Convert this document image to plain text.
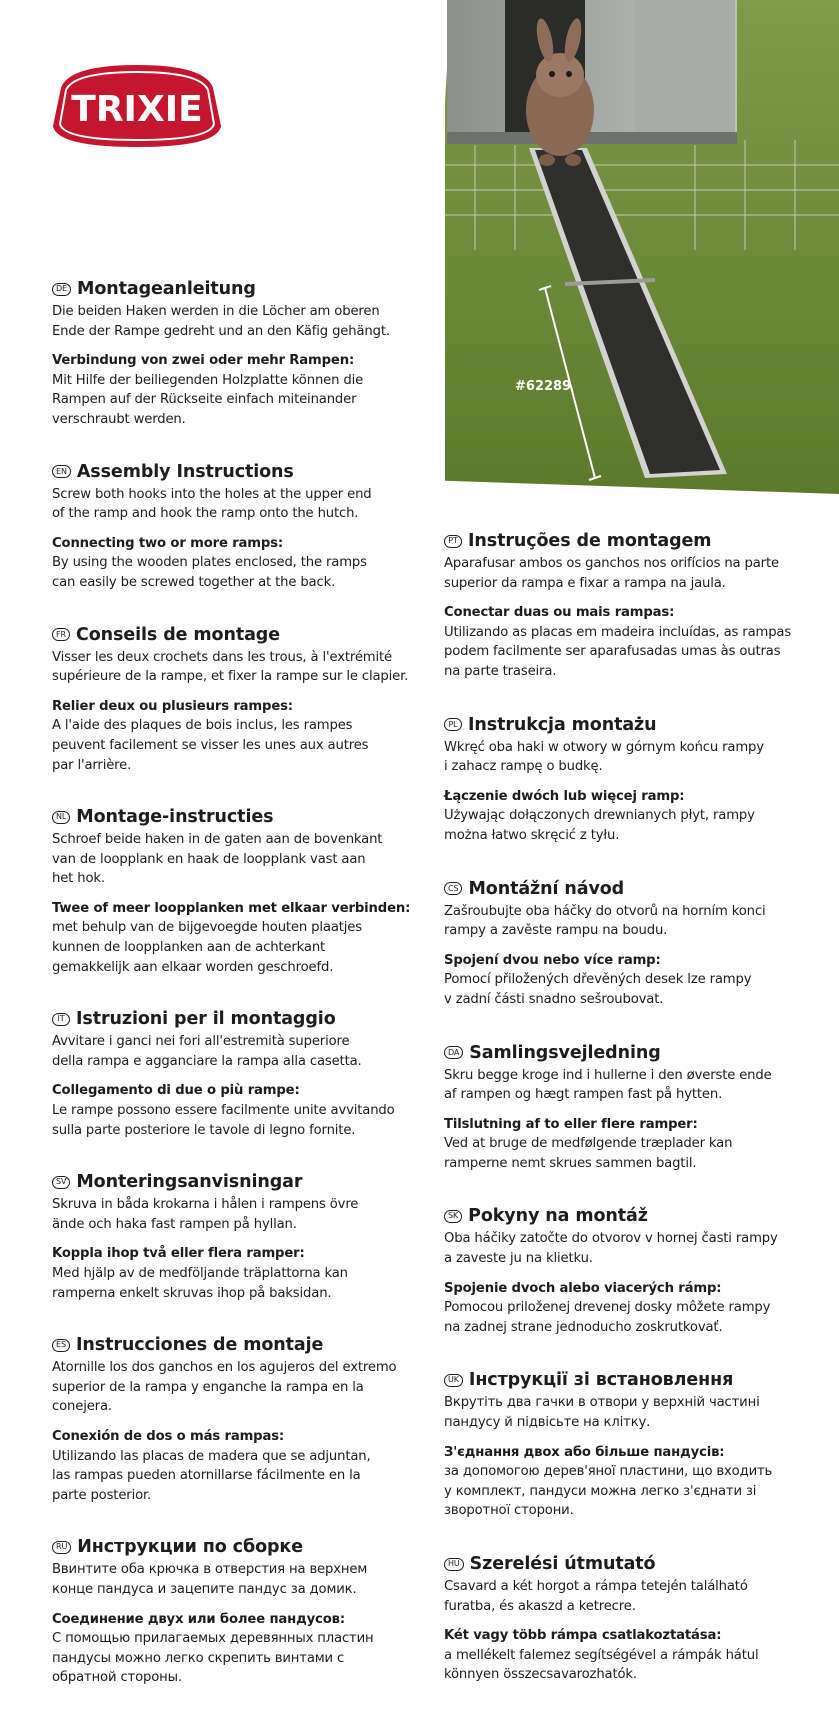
TRIXIE
#62289
DE Montageanleitung
Die beiden Haken werden in die Löcher am oberen
Ende der Rampe gedreht und an den Käfig gehängt.
Verbindung von zwei oder mehr Rampen:
Mit Hilfe der beiliegenden Holzplatte können die
Rampen auf der Rückseite einfach miteinander
verschraubt werden.
EN Assembly Instructions
Screw both hooks into the holes at the upper end
of the ramp and hook the ramp onto the hutch.
Connecting two or more ramps:
By using the wooden plates enclosed, the ramps
can easily be screwed together at the back.
FR Conseils de montage
Visser les deux crochets dans les trous, à l'extrémité
supérieure de la rampe, et fixer la rampe sur le clapier.
Relier deux ou plusieurs rampes:
A l'aide des plaques de bois inclus, les rampes
peuvent facilement se visser les unes aux autres
par l'arrière.
NL Montage-instructies
Schroef beide haken in de gaten aan de bovenkant
van de loopplank en haak de loopplank vast aan
het hok.
Twee of meer loopplanken met elkaar verbinden:
met behulp van de bijgevoegde houten plaatjes
kunnen de loopplanken aan de achterkant
gemakkelijk aan elkaar worden geschroefd.
IT Istruzioni per il montaggio
Avvitare i ganci nei fori all'estremità superiore
della rampa e agganciare la rampa alla casetta.
Collegamento di due o più rampe:
Le rampe possono essere facilmente unite avvitando
sulla parte posteriore le tavole di legno fornite.
SV Monteringsanvisningar
Skruva in båda krokarna i hålen i rampens övre
ände och haka fast rampen på hyllan.
Koppla ihop två eller flera ramper:
Med hjälp av de medföljande träplattorna kan
ramperna enkelt skruvas ihop på baksidan.
ES Instrucciones de montaje
Atornille los dos ganchos en los agujeros del extremo
superior de la rampa y enganche la rampa en la
conejera.
Conexión de dos o más rampas:
Utilizando las placas de madera que se adjuntan,
las rampas pueden atornillarse fácilmente en la
parte posterior.
RU Инструкции по сборке
Ввинтите оба крючка в отверстия на верхнем
конце пандуса и зацепите пандус за домик.
Соединение двух или более пандусов:
С помощью прилагаемых деревянных пластин
пандусы можно легко скрепить винтами с
обратной стороны.
PT Instruções de montagem
Aparafusar ambos os ganchos nos orifícios na parte
superior da rampa e fixar a rampa na jaula.
Conectar duas ou mais rampas:
Utilizando as placas em madeira incluídas, as rampas
podem facilmente ser aparafusadas umas às outras
na parte traseira.
PL Instrukcja montażu
Wkręć oba haki w otwory w górnym końcu rampy
i zahacz rampę o budkę.
Łączenie dwóch lub więcej ramp:
Używając dołączonych drewnianych płyt, rampy
można łatwo skręcić z tyłu.
CS Montážní návod
Zašroubujte oba háčky do otvorů na horním konci
rampy a zavěste rampu na boudu.
Spojení dvou nebo více ramp:
Pomocí přiložených dřevěných desek lze rampy
v zadní části snadno sešroubovat.
DA Samlingsvejledning
Skru begge kroge ind i hullerne i den øverste ende
af rampen og hægt rampen fast på hytten.
Tilslutning af to eller flere ramper:
Ved at bruge de medfølgende træplader kan
ramperne nemt skrues sammen bagtil.
SK Pokyny na montáž
Oba háčiky zatočte do otvorov v hornej časti rampy
a zaveste ju na klietku.
Spojenie dvoch alebo viacerých rámp:
Pomocou priloženej drevenej dosky môžete rampy
na zadnej strane jednoducho zoskrutkovať.
UK Інструкції зі встановлення
Вкрутіть два гачки в отвори у верхній частині
пандусу й підвісьте на клітку.
З'єднання двох або більше пандусів:
за допомогою дерев'яної пластини, що входить
у комплект, пандуси можна легко з'єднати зі
зворотної сторони.
HU Szerelési útmutató
Csavard a két horgot a rámpa tetején található
furatba, és akaszd a ketrecre.
Két vagy több rámpa csatlakoztatása:
a mellékelt falemez segítségével a rámpák hátul
könnyen összecsavarozhatók.
